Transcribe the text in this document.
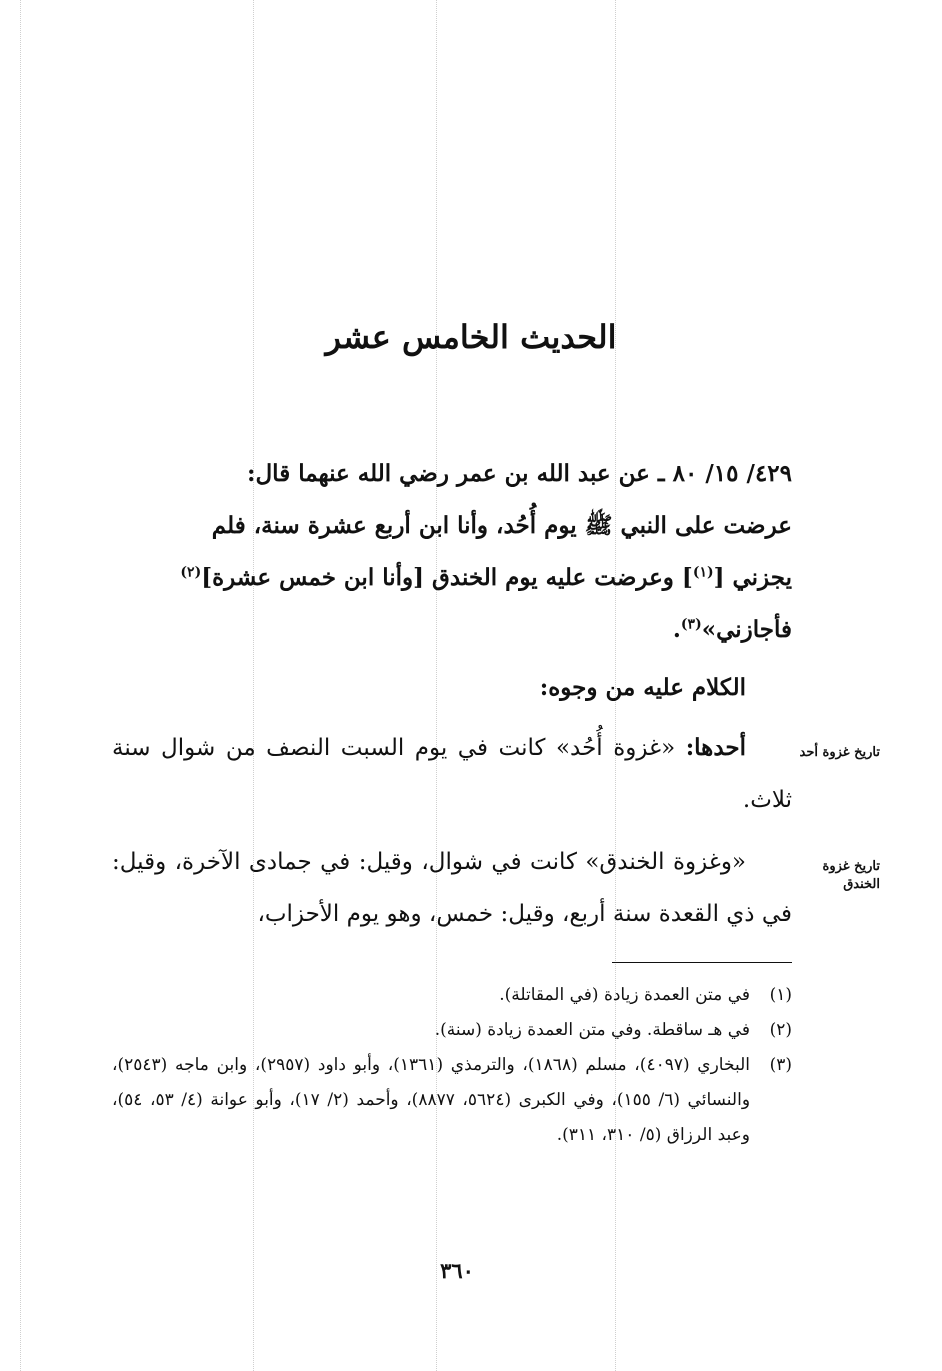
الحديث الخامس عشر

٤٢٩/ ١٥/ ٨٠ ـ عن عبد الله بن عمر رضي الله عنهما قال:

عرضت على النبي ﷺ يوم أُحُد، وأنا ابن أربع عشرة سنة، فلم

يجزني [$^{(١)}$] وعرضت عليه يوم الخندق [وأنا ابن خمس عشرة]$^{(٢)}$

فأجازني»$^{(٣)}$.

الكلام عليه من وجوه:

أحدها: «غزوة أُحُد» كانت في يوم السبت النصف من شوال سنة ثلاث.

تاريخ غزوة أحد

«وغزوة الخندق» كانت في شوال، وقيل: في جمادى الآخرة، وقيل: في ذي القعدة سنة أربع، وقيل: خمس، وهو يوم الأحزاب،

تاريخ غزوة الخندق
(١)
في متن العمدة زيادة (في المقاتلة).
(٢)
في هـ ساقطة. وفي متن العمدة زيادة (سنة).
(٣)
البخاري (٤٠٩٧)، مسلم (١٨٦٨)، والترمذي (١٣٦١)، وأبو داود (٢٩٥٧)، وابن ماجه (٢٥٤٣)، والنسائي (٦/ ١٥٥)، وفي الكبرى (٥٦٢٤، ٨٨٧٧)، وأحمد (٢/ ١٧)، وأبو عوانة (٤/ ٥٣، ٥٤)، وعبد الرزاق (٥/ ٣١٠، ٣١١).
٣٦٠
